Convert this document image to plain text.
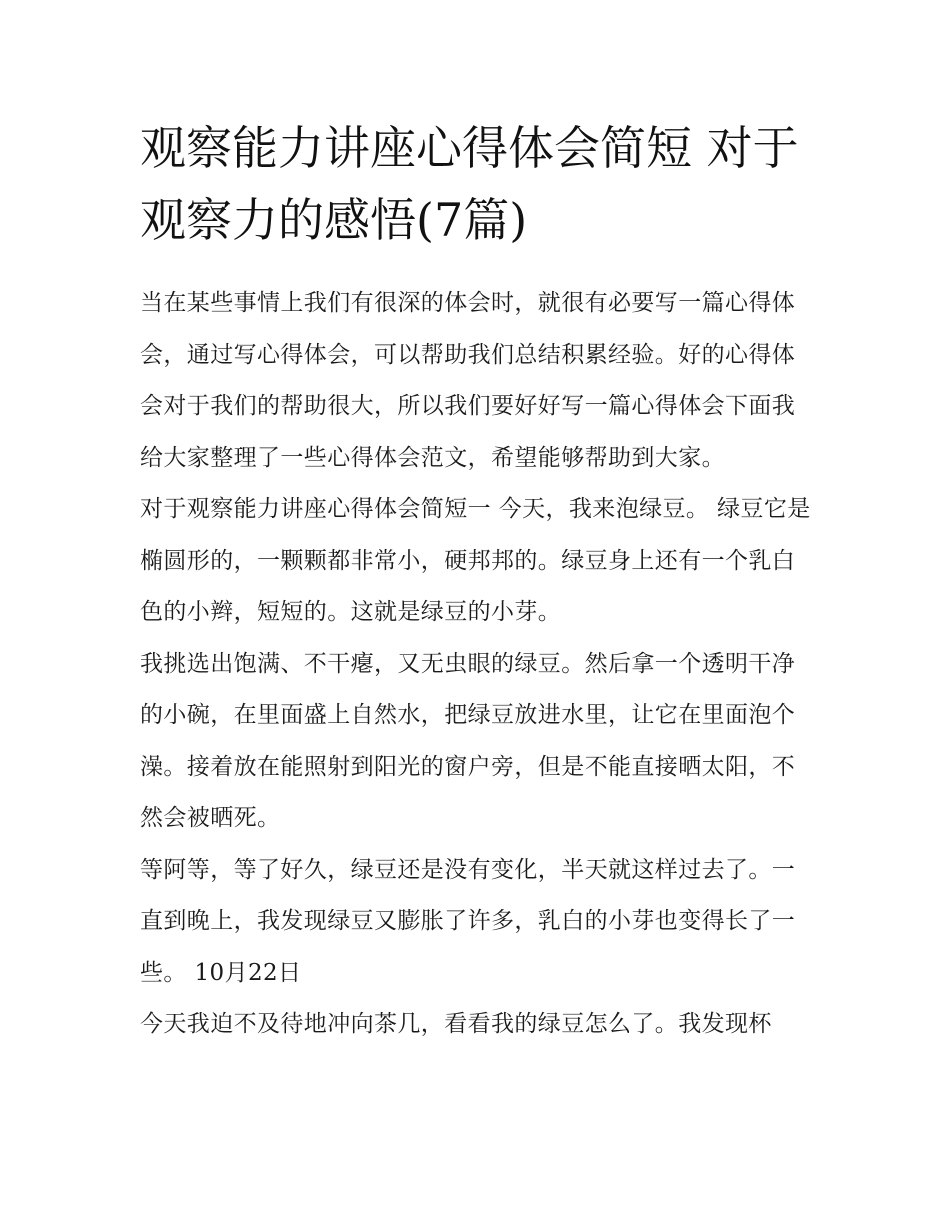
观察能力讲座心得体会简短 对于观察力的感悟(7篇)

当在某些事情上我们有很深的体会时，就很有必要写一篇心得体会，通过写心得体会，可以帮助我们总结积累经验。好的心得体会对于我们的帮助很大，所以我们要好好写一篇心得体会下面我给大家整理了一些心得体会范文，希望能够帮助到大家。

对于观察能力讲座心得体会简短一 今天，我来泡绿豆。 绿豆它是椭圆形的，一颗颗都非常小，硬邦邦的。绿豆身上还有一个乳白色的小辫，短短的。这就是绿豆的小芽。

我挑选出饱满、不干瘪，又无虫眼的绿豆。然后拿一个透明干净的小碗，在里面盛上自然水，把绿豆放进水里，让它在里面泡个澡。接着放在能照射到阳光的窗户旁，但是不能直接晒太阳，不然会被晒死。

等阿等，等了好久，绿豆还是没有变化，半天就这样过去了。一直到晚上，我发现绿豆又膨胀了许多，乳白的小芽也变得长了一些。 10月22日

今天我迫不及待地冲向茶几，看看我的绿豆怎么了。我发现杯
